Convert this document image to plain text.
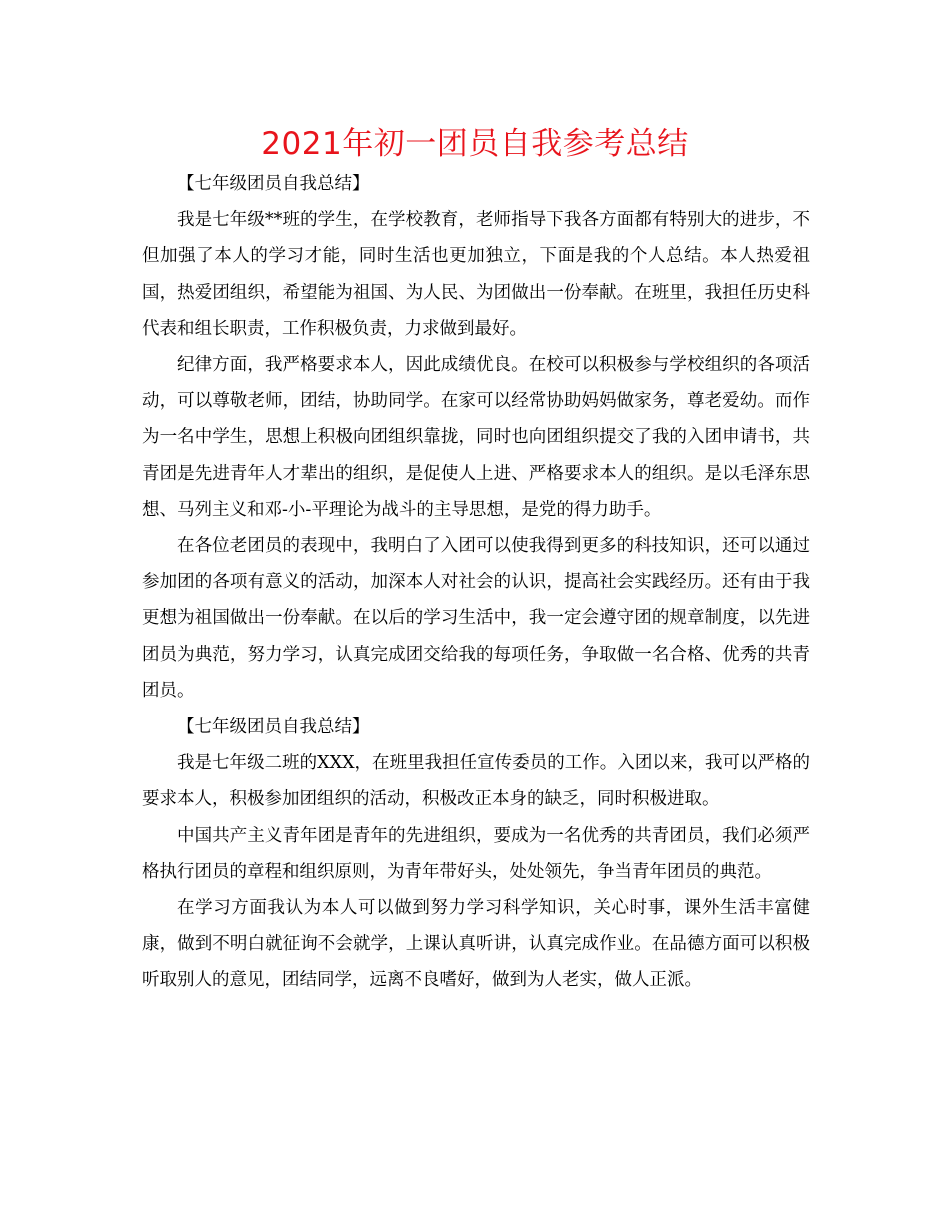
2021年初一团员自我参考总结

【七年级团员自我总结】

我是七年级**班的学生，在学校教育，老师指导下我各方面都有特别大的进步，不但加强了本人的学习才能，同时生活也更加独立，下面是我的个人总结。本人热爱祖国，热爱团组织，希望能为祖国、为人民、为团做出一份奉献。在班里，我担任历史科代表和组长职责，工作积极负责，力求做到最好。

纪律方面，我严格要求本人，因此成绩优良。在校可以积极参与学校组织的各项活动，可以尊敬老师，团结，协助同学。在家可以经常协助妈妈做家务，尊老爱幼。而作为一名中学生，思想上积极向团组织靠拢，同时也向团组织提交了我的入团申请书，共青团是先进青年人才辈出的组织，是促使人上进、严格要求本人的组织。是以毛泽东思想、马列主义和邓-小-平理论为战斗的主导思想，是党的得力助手。

在各位老团员的表现中，我明白了入团可以使我得到更多的科技知识，还可以通过参加团的各项有意义的活动，加深本人对社会的认识，提高社会实践经历。还有由于我更想为祖国做出一份奉献。在以后的学习生活中，我一定会遵守团的规章制度，以先进团员为典范，努力学习，认真完成团交给我的每项任务，争取做一名合格、优秀的共青团员。

【七年级团员自我总结】

我是七年级二班的XXX，在班里我担任宣传委员的工作。入团以来，我可以严格的要求本人，积极参加团组织的活动，积极改正本身的缺乏，同时积极进取。

中国共产主义青年团是青年的先进组织，要成为一名优秀的共青团员，我们必须严格执行团员的章程和组织原则，为青年带好头，处处领先，争当青年团员的典范。

在学习方面我认为本人可以做到努力学习科学知识，关心时事，课外生活丰富健康，做到不明白就征询不会就学，上课认真听讲，认真完成作业。在品德方面可以积极听取别人的意见，团结同学，远离不良嗜好，做到为人老实，做人正派。
